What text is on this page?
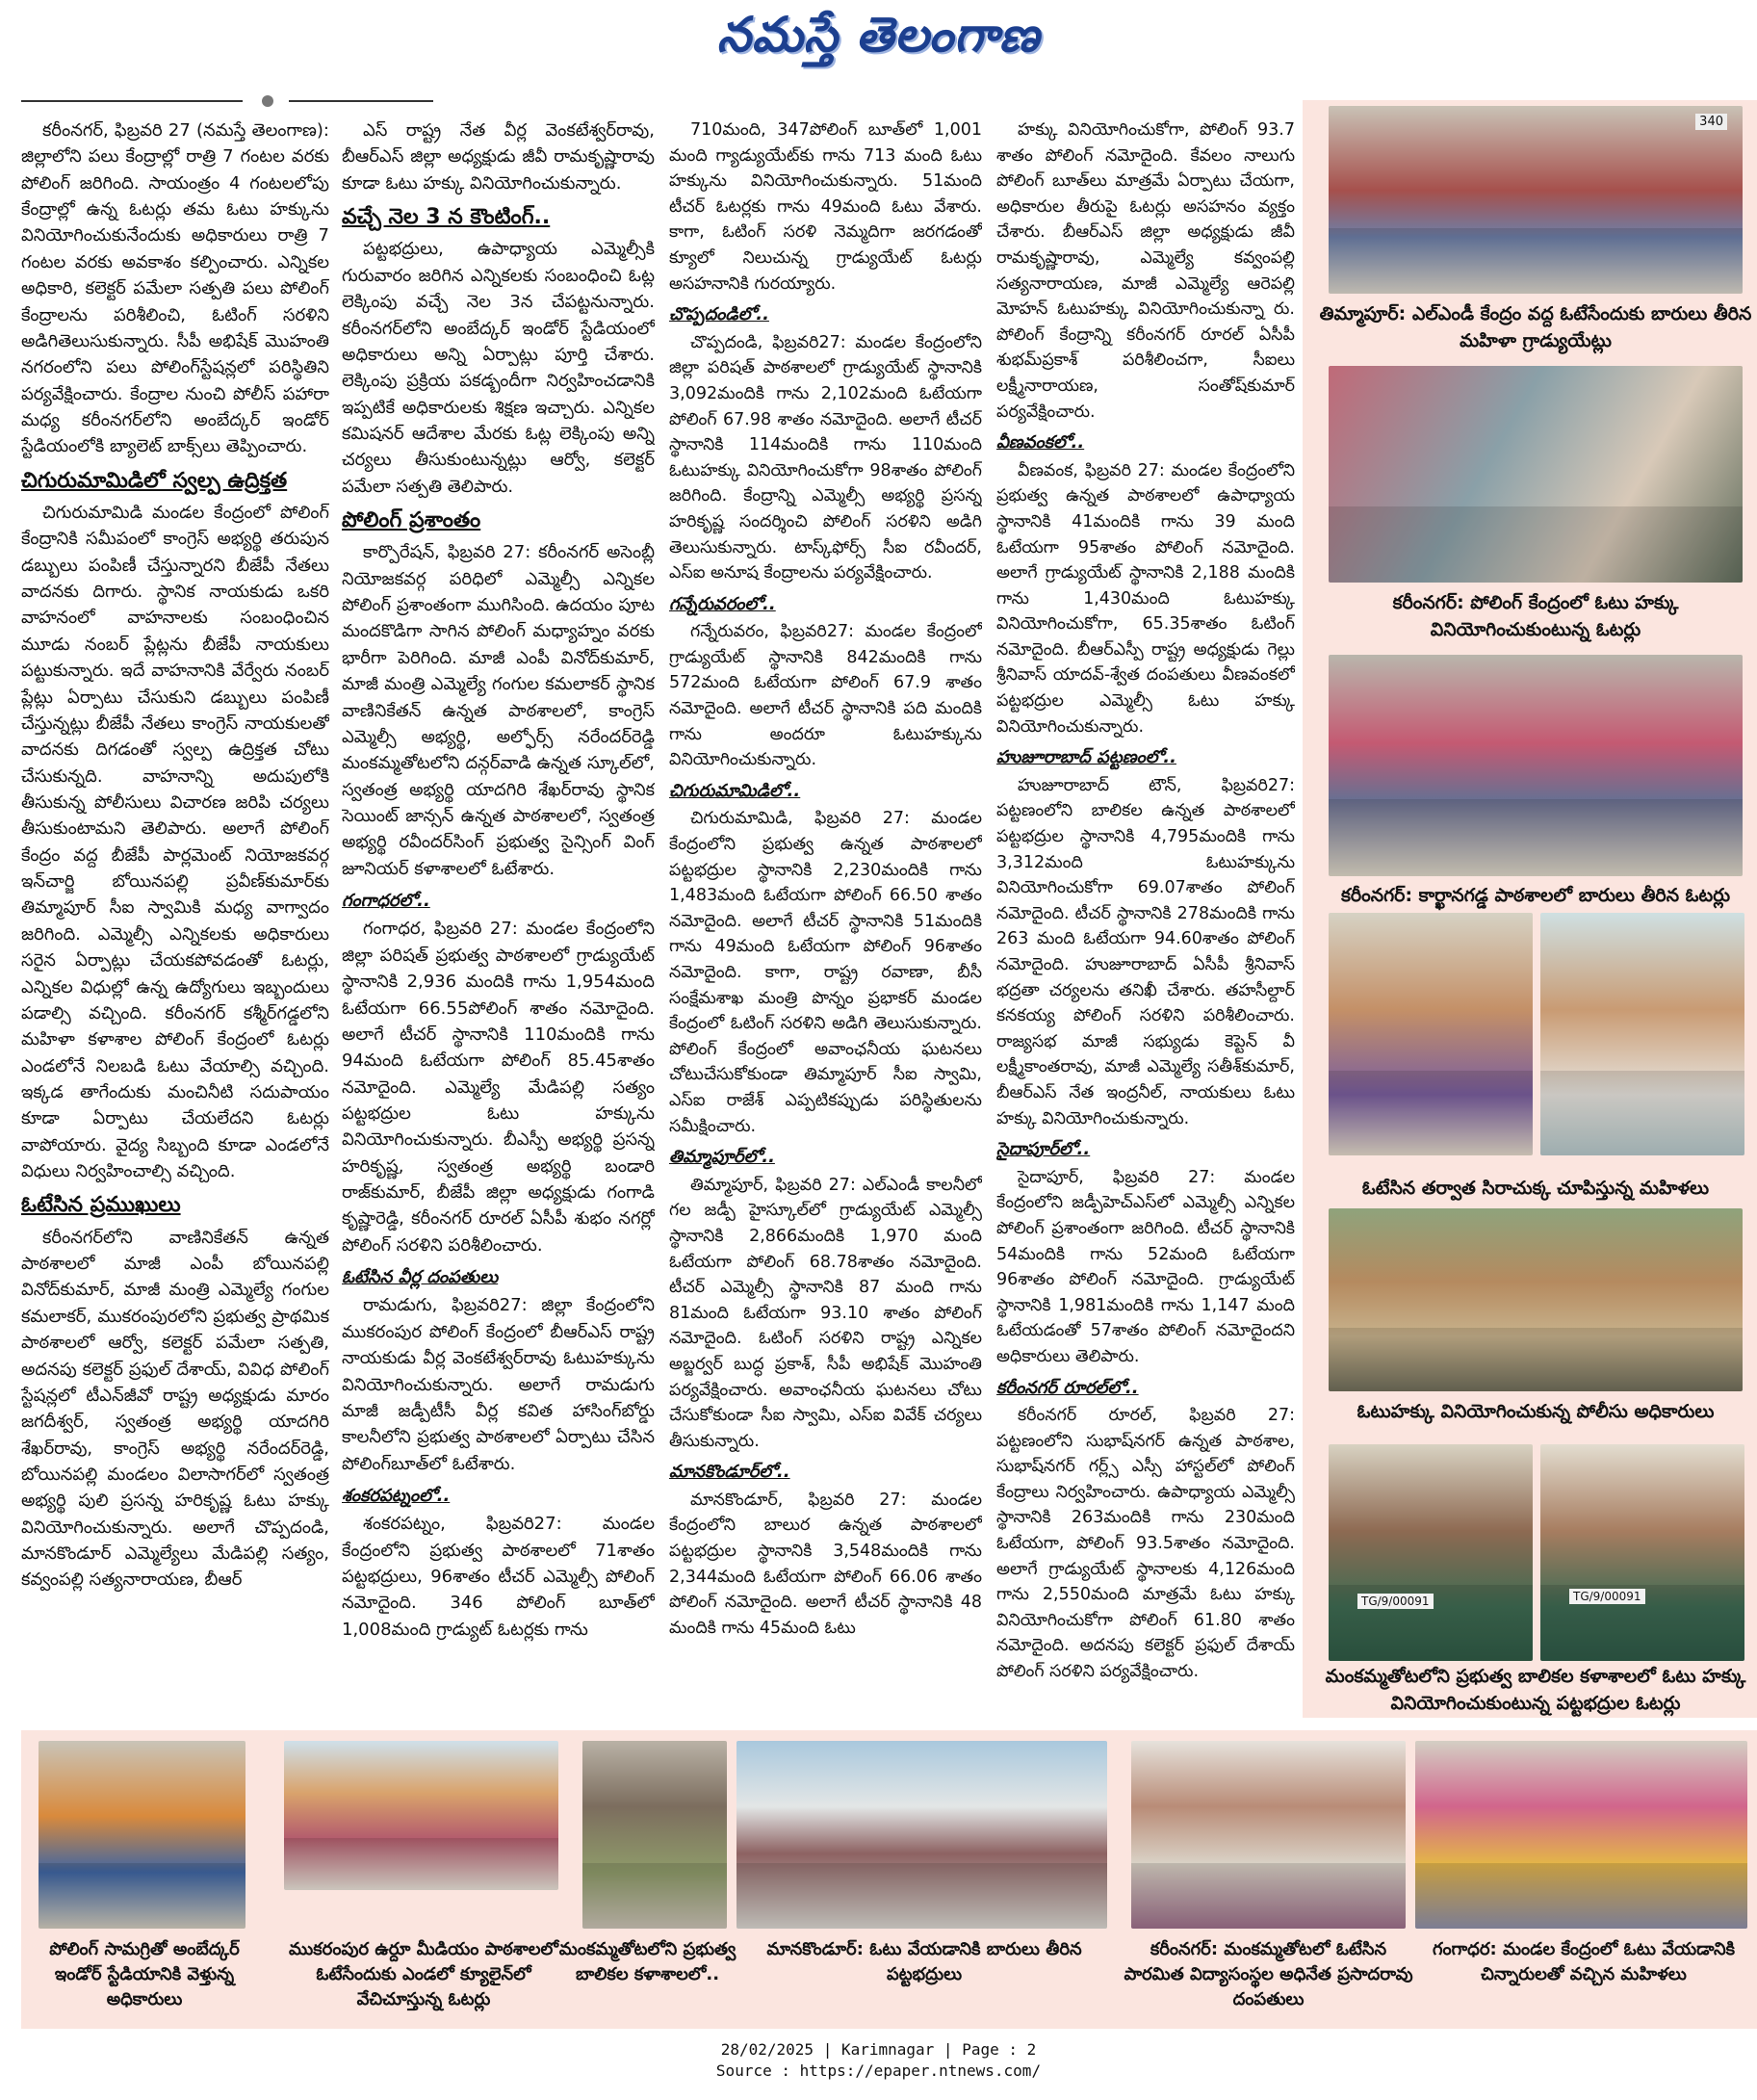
నమస్తే తెలంగాణ

కరీంనగర్, ఫిబ్రవరి 27 (నమస్తే తెలంగాణ): జిల్లాలోని పలు కేంద్రాల్లో రాత్రి 7 గంటల వరకు పోలింగ్ జరిగింది. సాయంత్రం 4 గంటలలోపు కేంద్రాల్లో ఉన్న ఓటర్లు తమ ఓటు హక్కును వినియోగించుకునేందుకు అధికారులు రాత్రి 7 గంటల వరకు అవకాశం కల్పించారు. ఎన్నికల అధికారి, కలెక్టర్ పమేలా సత్పతి పలు పోలింగ్ కేంద్రాలను పరిశీలించి, ఓటింగ్ సరళిని అడిగితెలుసుకున్నారు. సీపీ అభిషేక్ మొహంతి నగరంలోని పలు పోలింగ్‌స్టేషన్లలో పరిస్థితిని పర్యవేక్షించారు. కేంద్రాల నుంచి పోలీస్ పహారా మధ్య కరీంనగర్‌లోని అంబేద్కర్ ఇండోర్ స్టేడియంలోకి బ్యాలెట్ బాక్స్‌లు తెప్పించారు.

చిగురుమామిడిలో స్వల్ప ఉద్రిక్తత

చిగురుమామిడి మండల కేంద్రంలో పోలింగ్ కేంద్రానికి సమీపంలో కాంగ్రెస్ అభ్యర్థి తరుపున డబ్బులు పంపిణీ చేస్తున్నారని బీజేపీ నేతలు వాదనకు దిగారు. స్థానిక నాయకుడు ఒకరి వాహనంలో వాహనాలకు సంబంధించిన మూడు నంబర్ ప్లేట్లను బీజేపీ నాయకులు పట్టుకున్నారు. ఇదే వాహనానికి వేర్వేరు నంబర్ ప్లేట్లు ఏర్పాటు చేసుకుని డబ్బులు పంపిణీ చేస్తున్నట్లు బీజేపీ నేతలు కాంగ్రెస్ నాయకులతో వాదనకు దిగడంతో స్వల్ప ఉద్రిక్తత చోటు చేసుకున్నది. వాహనాన్ని అదుపులోకి తీసుకున్న పోలీసులు విచారణ జరిపి చర్యలు తీసుకుంటామని తెలిపారు. అలాగే పోలింగ్ కేంద్రం వద్ద బీజేపీ పార్లమెంట్ నియోజకవర్గ ఇన్‌చార్జి బోయినపల్లి ప్రవీణ్‌కుమార్‌కు తిమ్మాపూర్ సీఐ స్వామికి మధ్య వాగ్వాదం జరిగింది. ఎమ్మెల్సీ ఎన్నికలకు అధికారులు సరైన ఏర్పాట్లు చేయకపోవడంతో ఓటర్లు, ఎన్నికల విధుల్లో ఉన్న ఉద్యోగులు ఇబ్బందులు పడాల్సి వచ్చింది. కరీంనగర్ కశ్మీర్‌గడ్డలోని మహిళా కళాశాల పోలింగ్ కేంద్రంలో ఓటర్లు ఎండలోనే నిలబడి ఓటు వేయాల్సి వచ్చింది. ఇక్కడ తాగేందుకు మంచినీటి సదుపాయం కూడా ఏర్పాటు చేయలేదని ఓటర్లు వాపోయారు. వైద్య సిబ్బంది కూడా ఎండలోనే విధులు నిర్వహించాల్సి వచ్చింది.

ఓటేసిన ప్రముఖులు

కరీంనగర్‌లోని వాణినికేతన్ ఉన్నత పాఠశాలలో మాజీ ఎంపీ బోయినపల్లి వినోద్‌కుమార్, మాజీ మంత్రి ఎమ్మెల్యే గంగుల కమలాకర్, ముకరంపురలోని ప్రభుత్వ ప్రాథమిక పాఠశాలలో ఆర్వో, కలెక్టర్ పమేలా సత్పతి, అదనపు కలెక్టర్ ప్రఫుల్ దేశాయ్, వివిధ పోలింగ్ స్టేషన్లలో టీఎన్‌జీవో రాష్ట్ర అధ్యక్షుడు మారం జగదీశ్వర్, స్వతంత్ర అభ్యర్థి యాదగిరి శేఖర్‌రావు, కాంగ్రెస్ అభ్యర్థి నరేందర్‌రెడ్డి, బోయినపల్లి మండలం విలాసాగర్‌లో స్వతంత్ర అభ్యర్థి పులి ప్రసన్న హరికృష్ణ ఓటు హక్కు వినియోగించుకున్నారు. అలాగే చొప్పదండి, మానకొండూర్ ఎమ్మెల్యేలు మేడిపల్లి సత్యం, కవ్వంపల్లి సత్యనారాయణ, బీఆర్

ఎస్ రాష్ట్ర నేత వీర్ల వెంకటేశ్వర్‌రావు, బీఆర్ఎస్ జిల్లా అధ్యక్షుడు జీవీ రామకృష్ణారావు కూడా ఓటు హక్కు వినియోగించుకున్నారు.

వచ్చే నెల 3 న కౌంటింగ్..

పట్టభద్రులు, ఉపాధ్యాయ ఎమ్మెల్సీకి గురువారం జరిగిన ఎన్నికలకు సంబంధించి ఓట్ల లెక్కింపు వచ్చే నెల 3న చేపట్టనున్నారు. కరీంనగర్‌లోని అంబేద్కర్ ఇండోర్ స్టేడియంలో అధికారులు అన్ని ఏర్పాట్లు పూర్తి చేశారు. లెక్కింపు ప్రక్రియ పకడ్బందీగా నిర్వహించడానికి ఇప్పటికే అధికారులకు శిక్షణ ఇచ్చారు. ఎన్నికల కమిషనర్ ఆదేశాల మేరకు ఓట్ల లెక్కింపు అన్ని చర్యలు తీసుకుంటున్నట్లు ఆర్వో, కలెక్టర్ పమేలా సత్పతి తెలిపారు.

పోలింగ్ ప్రశాంతం

కార్పొరేషన్, ఫిబ్రవరి 27: కరీంనగర్ అసెంబ్లీ నియోజకవర్గ పరిధిలో ఎమ్మెల్సీ ఎన్నికల పోలింగ్ ప్రశాంతంగా ముగిసింది. ఉదయం పూట మందకొడిగా సాగిన పోలింగ్ మధ్యాహ్నం వరకు భారీగా పెరిగింది. మాజీ ఎంపీ వినోద్‌కుమార్, మాజీ మంత్రి ఎమ్మెల్యే గంగుల కమలాకర్ స్థానిక వాణినికేతన్ ఉన్నత పాఠశాలలో, కాంగ్రెస్ ఎమ్మెల్సీ అభ్యర్థి, అల్ఫోర్స్ నరేందర్‌రెడ్డి మంకమ్మతోటలోని దన్గర్‌వాడి ఉన్నత స్కూల్‌లో, స్వతంత్ర అభ్యర్థి యాదగిరి శేఖర్‌రావు స్థానిక సెయింట్ జాన్సన్ ఉన్నత పాఠశాలలో, స్వతంత్ర అభ్యర్థి రవీందర్‌సింగ్ ప్రభుత్వ సైన్సింగ్ వింగ్ జూనియర్ కళాశాలలో ఓటేశారు.

గంగాధరలో..

గంగాధర, ఫిబ్రవరి 27: మండల కేంద్రంలోని జిల్లా పరిషత్ ప్రభుత్వ పాఠశాలలో గ్రాడ్యుయేట్ స్థానానికి 2,936 మందికి గాను 1,954మంది ఓటేయగా 66.55పోలింగ్ శాతం నమోదైంది. అలాగే టీచర్ స్థానానికి 110మందికి గాను 94మంది ఓటేయగా పోలింగ్ 85.45శాతం నమోదైంది. ఎమ్మెల్యే మేడిపల్లి సత్యం పట్టభద్రుల ఓటు హక్కును వినియోగించుకున్నారు. బీఎస్పీ అభ్యర్థి ప్రసన్న హరికృష్ణ, స్వతంత్ర అభ్యర్థి బండారి రాజ్‌కుమార్, బీజేపీ జిల్లా అధ్యక్షుడు గంగాడి కృష్ణారెడ్డి, కరీంనగర్ రూరల్ ఏసీపీ శుభం నగర్లో పోలింగ్ సరళిని పరిశీలించారు.

ఓటేసిన వీర్ల దంపతులు

రామడుగు, ఫిబ్రవరి27: జిల్లా కేంద్రంలోని ముకరంపుర పోలింగ్ కేంద్రంలో బీఆర్ఎస్ రాష్ట్ర నాయకుడు వీర్ల వెంకటేశ్వర్‌రావు ఓటుహక్కును వినియోగించుకున్నారు. అలాగే రామడుగు మాజీ జడ్పీటీసీ వీర్ల కవిత హాసింగ్‌బోర్డు కాలనీలోని ప్రభుత్వ పాఠశాలలో ఏర్పాటు చేసిన పోలింగ్‌బూత్‌లో ఓటేశారు.

శంకరపట్నంలో..

శంకరపట్నం, ఫిబ్రవరి27: మండల కేంద్రంలోని ప్రభుత్వ పాఠశాలలో 71శాతం పట్టభద్రులు, 96శాతం టీచర్ ఎమ్మెల్సీ పోలింగ్ నమోదైంది. 346 పోలింగ్ బూత్‌లో 1,008మంది గ్రాడ్యుట్ ఓటర్లకు గాను

710మంది, 347పోలింగ్ బూత్‌లో 1,001 మంది గ్యాడ్యుయేట్‌కు గాను 713 మంది ఓటు హక్కును వినియోగించుకున్నారు. 51మంది టీచర్ ఓటర్లకు గాను 49మంది ఓటు వేశారు. కాగా, ఓటింగ్ సరళి నెమ్మదిగా జరగడంతో క్యూలో నిలుచున్న గ్రాడ్యుయేట్ ఓటర్లు అసహనానికి గురయ్యారు.

చొప్పదండిలో..

చొప్పదండి, ఫిబ్రవరి27: మండల కేంద్రంలోని జిల్లా పరిషత్ పాఠశాలలో గ్రాడ్యుయేట్ స్థానానికి 3,092మందికి గాను 2,102మంది ఓటేయగా పోలింగ్ 67.98 శాతం నమోదైంది. అలాగే టీచర్ స్థానానికి 114మందికి గాను 110మంది ఓటుహక్కు వినియోగించుకోగా 98శాతం పోలింగ్ జరిగింది. కేంద్రాన్ని ఎమ్మెల్సీ అభ్యర్థి ప్రసన్న హరికృష్ణ సందర్శించి పోలింగ్ సరళిని అడిగి తెలుసుకున్నారు. టాస్క్‌ఫోర్స్ సీఐ రవీందర్, ఎస్ఐ అనూష కేంద్రాలను పర్యవేక్షించారు.

గన్నేరువరంలో..

గన్నేరువరం, ఫిబ్రవరి27: మండల కేంద్రంలో గ్రాడ్యుయేట్ స్థానానికి 842మందికి గాను 572మంది ఓటేయగా పోలింగ్ 67.9 శాతం నమోదైంది. అలాగే టీచర్ స్థానానికి పది మందికి గాను అందరూ ఓటుహక్కును వినియోగించుకున్నారు.

చిగురుమామిడిలో..

చిగురుమామిడి, ఫిబ్రవరి 27: మండల కేంద్రంలోని ప్రభుత్వ ఉన్నత పాఠశాలలో పట్టభద్రుల స్థానానికి 2,230మందికి గాను 1,483మంది ఓటేయగా పోలింగ్ 66.50 శాతం నమోదైంది. అలాగే టీచర్ స్థానానికి 51మందికి గాను 49మంది ఓటేయగా పోలింగ్ 96శాతం నమోదైంది. కాగా, రాష్ట్ర రవాణా, బీసీ సంక్షేమశాఖ మంత్రి పొన్నం ప్రభాకర్ మండల కేంద్రంలో ఓటింగ్ సరళిని అడిగి తెలుసుకున్నారు. పోలింగ్ కేంద్రంలో అవాంఛనీయ ఘటనలు చోటుచేసుకోకుండా తిమ్మాపూర్ సీఐ స్వామి, ఎస్ఐ రాజేశ్ ఎప్పటికప్పుడు పరిస్థితులను సమీక్షించారు.

తిమ్మాపూర్‌లో..

తిమ్మాపూర్, ఫిబ్రవరి 27: ఎల్ఎండీ కాలనీలో గల జడ్పీ హైస్కూల్‌లో గ్రాడ్యుయేట్ ఎమ్మెల్సీ స్థానానికి 2,866మందికి 1,970 మంది ఓటేయగా పోలింగ్ 68.78శాతం నమోదైంది. టీచర్ ఎమ్మెల్సీ స్థానానికి 87 మంది గాను 81మంది ఓటేయగా 93.10 శాతం పోలింగ్ నమోదైంది. ఓటింగ్ సరళిని రాష్ట్ర ఎన్నికల అబ్జర్వర్ బుద్ధ ప్రకాశ్, సీపీ అభిషేక్ మొహంతి పర్యవేక్షించారు. అవాంఛనీయ ఘటనలు చోటు చేసుకోకుండా సీఐ స్వామి, ఎస్ఐ వివేక్ చర్యలు తీసుకున్నారు.

మానకొండూర్‌లో..

మానకొండూర్, ఫిబ్రవరి 27: మండల కేంద్రంలోని బాలుర ఉన్నత పాఠశాలలో పట్టభద్రుల స్థానానికి 3,548మందికి గాను 2,344మంది ఓటేయగా పోలింగ్ 66.06 శాతం పోలింగ్ నమోదైంది. అలాగే టీచర్ స్థానానికి 48 మందికి గాను 45మంది ఓటు

హక్కు వినియోగించుకోగా, పోలింగ్ 93.7 శాతం పోలింగ్ నమోదైంది. కేవలం నాలుగు పోలింగ్ బూత్‌లు మాత్రమే ఏర్పాటు చేయగా, అధికారుల తీరుపై ఓటర్లు అసహనం వ్యక్తం చేశారు. బీఆర్ఎస్ జిల్లా అధ్యక్షుడు జీవీ రామకృష్ణారావు, ఎమ్మెల్యే కవ్వంపల్లి సత్యనారాయణ, మాజీ ఎమ్మెల్యే ఆరెపల్లి మోహన్ ఓటుహక్కు వినియోగించుకున్నా రు. పోలింగ్ కేంద్రాన్ని కరీంనగర్ రూరల్ ఏసీపీ శుభమ్‌ప్రకాశ్ పరిశీలించగా, సీఐలు లక్ష్మీనారాయణ, సంతోష్‌కుమార్ పర్యవేక్షించారు.

వీణవంకలో..

వీణవంక, ఫిబ్రవరి 27: మండల కేంద్రంలోని ప్రభుత్వ ఉన్నత పాఠశాలలో ఉపాధ్యాయ స్థానానికి 41మందికి గాను 39 మంది ఓటేయగా 95శాతం పోలింగ్ నమోదైంది. అలాగే గ్రాడ్యుయేట్ స్థానానికి 2,188 మందికి గాను 1,430మంది ఓటుహక్కు వినియోగించుకోగా, 65.35శాతం ఓటింగ్ నమోదైంది. బీఆర్ఎస్పీ రాష్ట్ర అధ్యక్షుడు గెల్లు శ్రీనివాస్ యాదవ్-శ్వేత దంపతులు వీణవంకలో పట్టభద్రుల ఎమ్మెల్సీ ఓటు హక్కు వినియోగించుకున్నారు.

హుజూరాబాద్ పట్టణంలో..

హుజూరాబాద్ టౌన్, ఫిబ్రవరి27: పట్టణంలోని బాలికల ఉన్నత పాఠశాలలో పట్టభద్రుల స్థానానికి 4,795మందికి గాను 3,312మంది ఓటుహక్కును వినియోగించుకోగా 69.07శాతం పోలింగ్ నమోదైంది. టీచర్ స్థానానికి 278మందికి గాను 263 మంది ఓటేయగా 94.60శాతం పోలింగ్ నమోదైంది. హుజూరాబాద్ ఏసీపీ శ్రీనివాస్ భద్రతా చర్యలను తనిఖీ చేశారు. తహసీల్దార్ కనకయ్య పోలింగ్ సరళిని పరిశీలించారు. రాజ్యసభ మాజీ సభ్యుడు కెప్టెన్ వీ లక్ష్మీకాంతరావు, మాజీ ఎమ్మెల్యే సతీశ్‌కుమార్, బీఆర్ఎస్ నేత ఇంద్రనీల్, నాయకులు ఓటు హక్కు వినియోగించుకున్నారు.

సైదాపూర్‌లో..

సైదాపూర్, ఫిబ్రవరి 27: మండల కేంద్రంలోని జడ్పీహెచ్ఎస్‌లో ఎమ్మెల్సీ ఎన్నికల పోలింగ్ ప్రశాంతంగా జరిగింది. టీచర్ స్థానానికి 54మందికి గాను 52మంది ఓటేయగా 96శాతం పోలింగ్ నమోదైంది. గ్రాడ్యుయేట్ స్థానానికి 1,981మందికి గాను 1,147 మంది ఓటేయడంతో 57శాతం పోలింగ్ నమోదైందని అధికారులు తెలిపారు.

కరీంనగర్ రూరల్‌లో..

కరీంనగర్ రూరల్, ఫిబ్రవరి 27: పట్టణంలోని సుభాష్‌నగర్ ఉన్నత పాఠశాల, సుభాష్‌నగర్ గర్ల్స్ ఎస్సీ హాస్టల్‌లో పోలింగ్ కేంద్రాలు నిర్వహించారు. ఉపాధ్యాయ ఎమ్మెల్సీ స్థానానికి 263మందికి గాను 230మంది ఓటేయగా, పోలింగ్ 93.5శాతం నమోదైంది. అలాగే గ్రాడ్యుయేట్ స్థానాలకు 4,126మంది గాను 2,550మంది మాత్రమే ఓటు హక్కు వినియోగించుకోగా పోలింగ్ 61.80 శాతం నమోదైంది. అదనపు కలెక్టర్ ప్రఫుల్ దేశాయ్ పోలింగ్ సరళిని పర్యవేక్షించారు.

340
తిమ్మాపూర్: ఎల్ఎండీ కేంద్రం వద్ద ఓటేసేందుకు బారులు తీరిన మహిళా గ్రాడ్యుయేట్లు
కరీంనగర్: పోలింగ్ కేంద్రంలో ఓటు హక్కు వినియోగించుకుంటున్న ఓటర్లు
కరీంనగర్: కార్ఖానగడ్డ పాఠశాలలో బారులు తీరిన ఓటర్లు
ఓటేసిన తర్వాత సిరాచుక్క చూపిస్తున్న మహిళలు
ఓటుహక్కు వినియోగించుకున్న పోలీసు అధికారులు
TG/9/00091	TG/9/00091
మంకమ్మతోటలోని ప్రభుత్వ బాలికల కళాశాలలో ఓటు హక్కు వినియోగించుకుంటున్న పట్టభద్రుల ఓటర్లు
పోలింగ్ సామగ్రితో అంబేద్కర్ ఇండోర్ స్టేడియానికి వెళ్తున్న అధికారులు
ముకరంపుర ఉర్దూ మీడియం పాఠశాలలో ఓటేసేందుకు ఎండలో క్యూలైన్‌లో వేచిచూస్తున్న ఓటర్లు
మంకమ్మతోటలోని ప్రభుత్వ బాలికల కళాశాలలో..
మానకొండూర్: ఓటు వేయడానికి బారులు తీరిన పట్టభద్రులు
కరీంనగర్: మంకమ్మతోటలో ఓటేసిన పారమిత విద్యాసంస్థల అధినేత ప్రసాదరావు దంపతులు
గంగాధర: మండల కేంద్రంలో ఓటు వేయడానికి చిన్నారులతో వచ్చిన మహిళలు
28/02/2025 | Karimnagar | Page : 2
Source : https://epaper.ntnews.com/
